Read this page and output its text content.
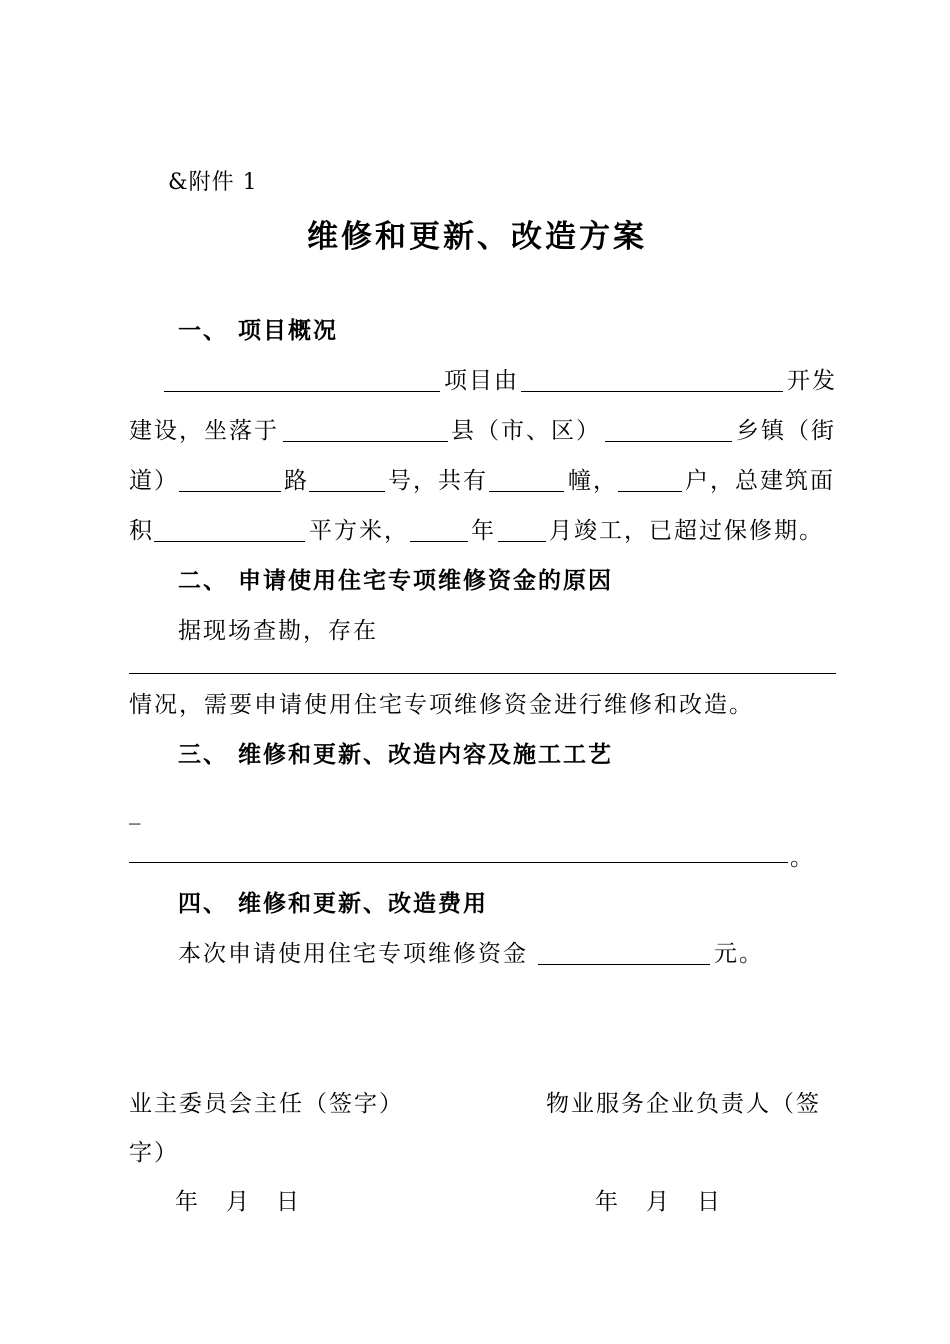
&附件 1
维修和更新、改造方案
一、 项目概况
项目由	开发
建设，坐落于	县（市、区）	乡镇（街
道）	路	号，共有	幢，	户，总建筑面
积	平方米，	年 月竣工，已超过保修期。
二、 申请使用住宅专项维修资金的原因
据现场查勘，存在
情况，需要申请使用住宅专项维修资金进行维修和改造。
三、 维修和更新、改造内容及施工工艺
_
。
四、 维修和更新、改造费用
本次申请使用住宅专项维修资金	元。
业主委员会主任（签字）	物业服务企业负责人（签
字）
年 月 日	年 月 日
